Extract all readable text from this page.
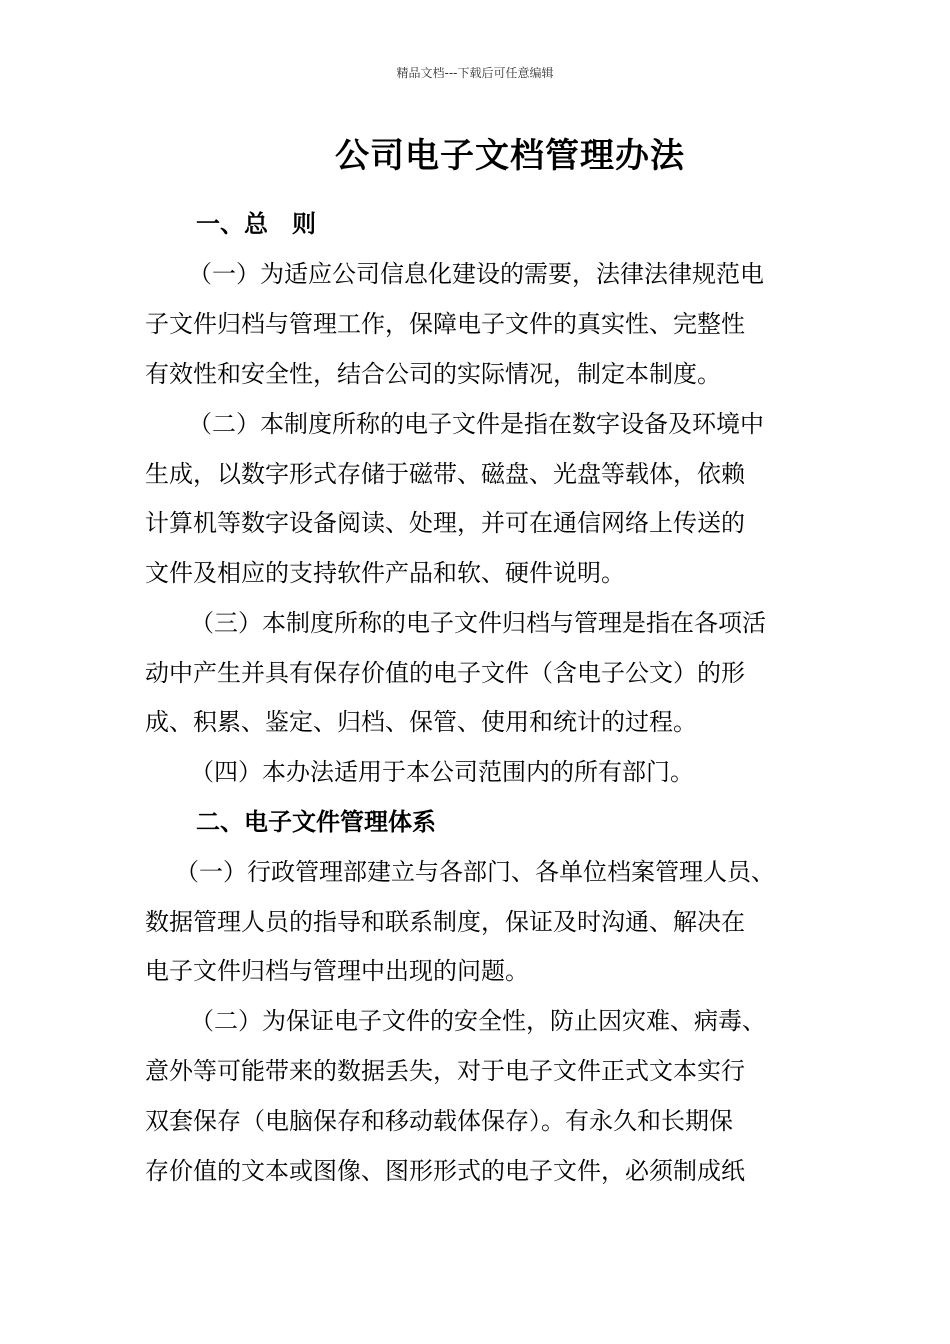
精品文档---下载后可任意编辑
公司电子文档管理办法
一、总　则
（一）为适应公司信息化建设的需要，法律法律规范电
子文件归档与管理工作，保障电子文件的真实性、完整性
有效性和安全性，结合公司的实际情况，制定本制度。
（二）本制度所称的电子文件是指在数字设备及环境中
生成，以数字形式存储于磁带、磁盘、光盘等载体，依赖
计算机等数字设备阅读、处理，并可在通信网络上传送的
文件及相应的支持软件产品和软、硬件说明。
（三）本制度所称的电子文件归档与管理是指在各项活
动中产生并具有保存价值的电子文件（含电子公文）的形
成、积累、鉴定、归档、保管、使用和统计的过程。
（四）本办法适用于本公司范围内的所有部门。
二、电子文件管理体系
（一）行政管理部建立与各部门、各单位档案管理人员、
数据管理人员的指导和联系制度，保证及时沟通、解决在
电子文件归档与管理中出现的问题。
（二）为保证电子文件的安全性，防止因灾难、病毒、
意外等可能带来的数据丢失，对于电子文件正式文本实行
双套保存（电脑保存和移动载体保存）。有永久和长期保
存价值的文本或图像、图形形式的电子文件，必须制成纸
